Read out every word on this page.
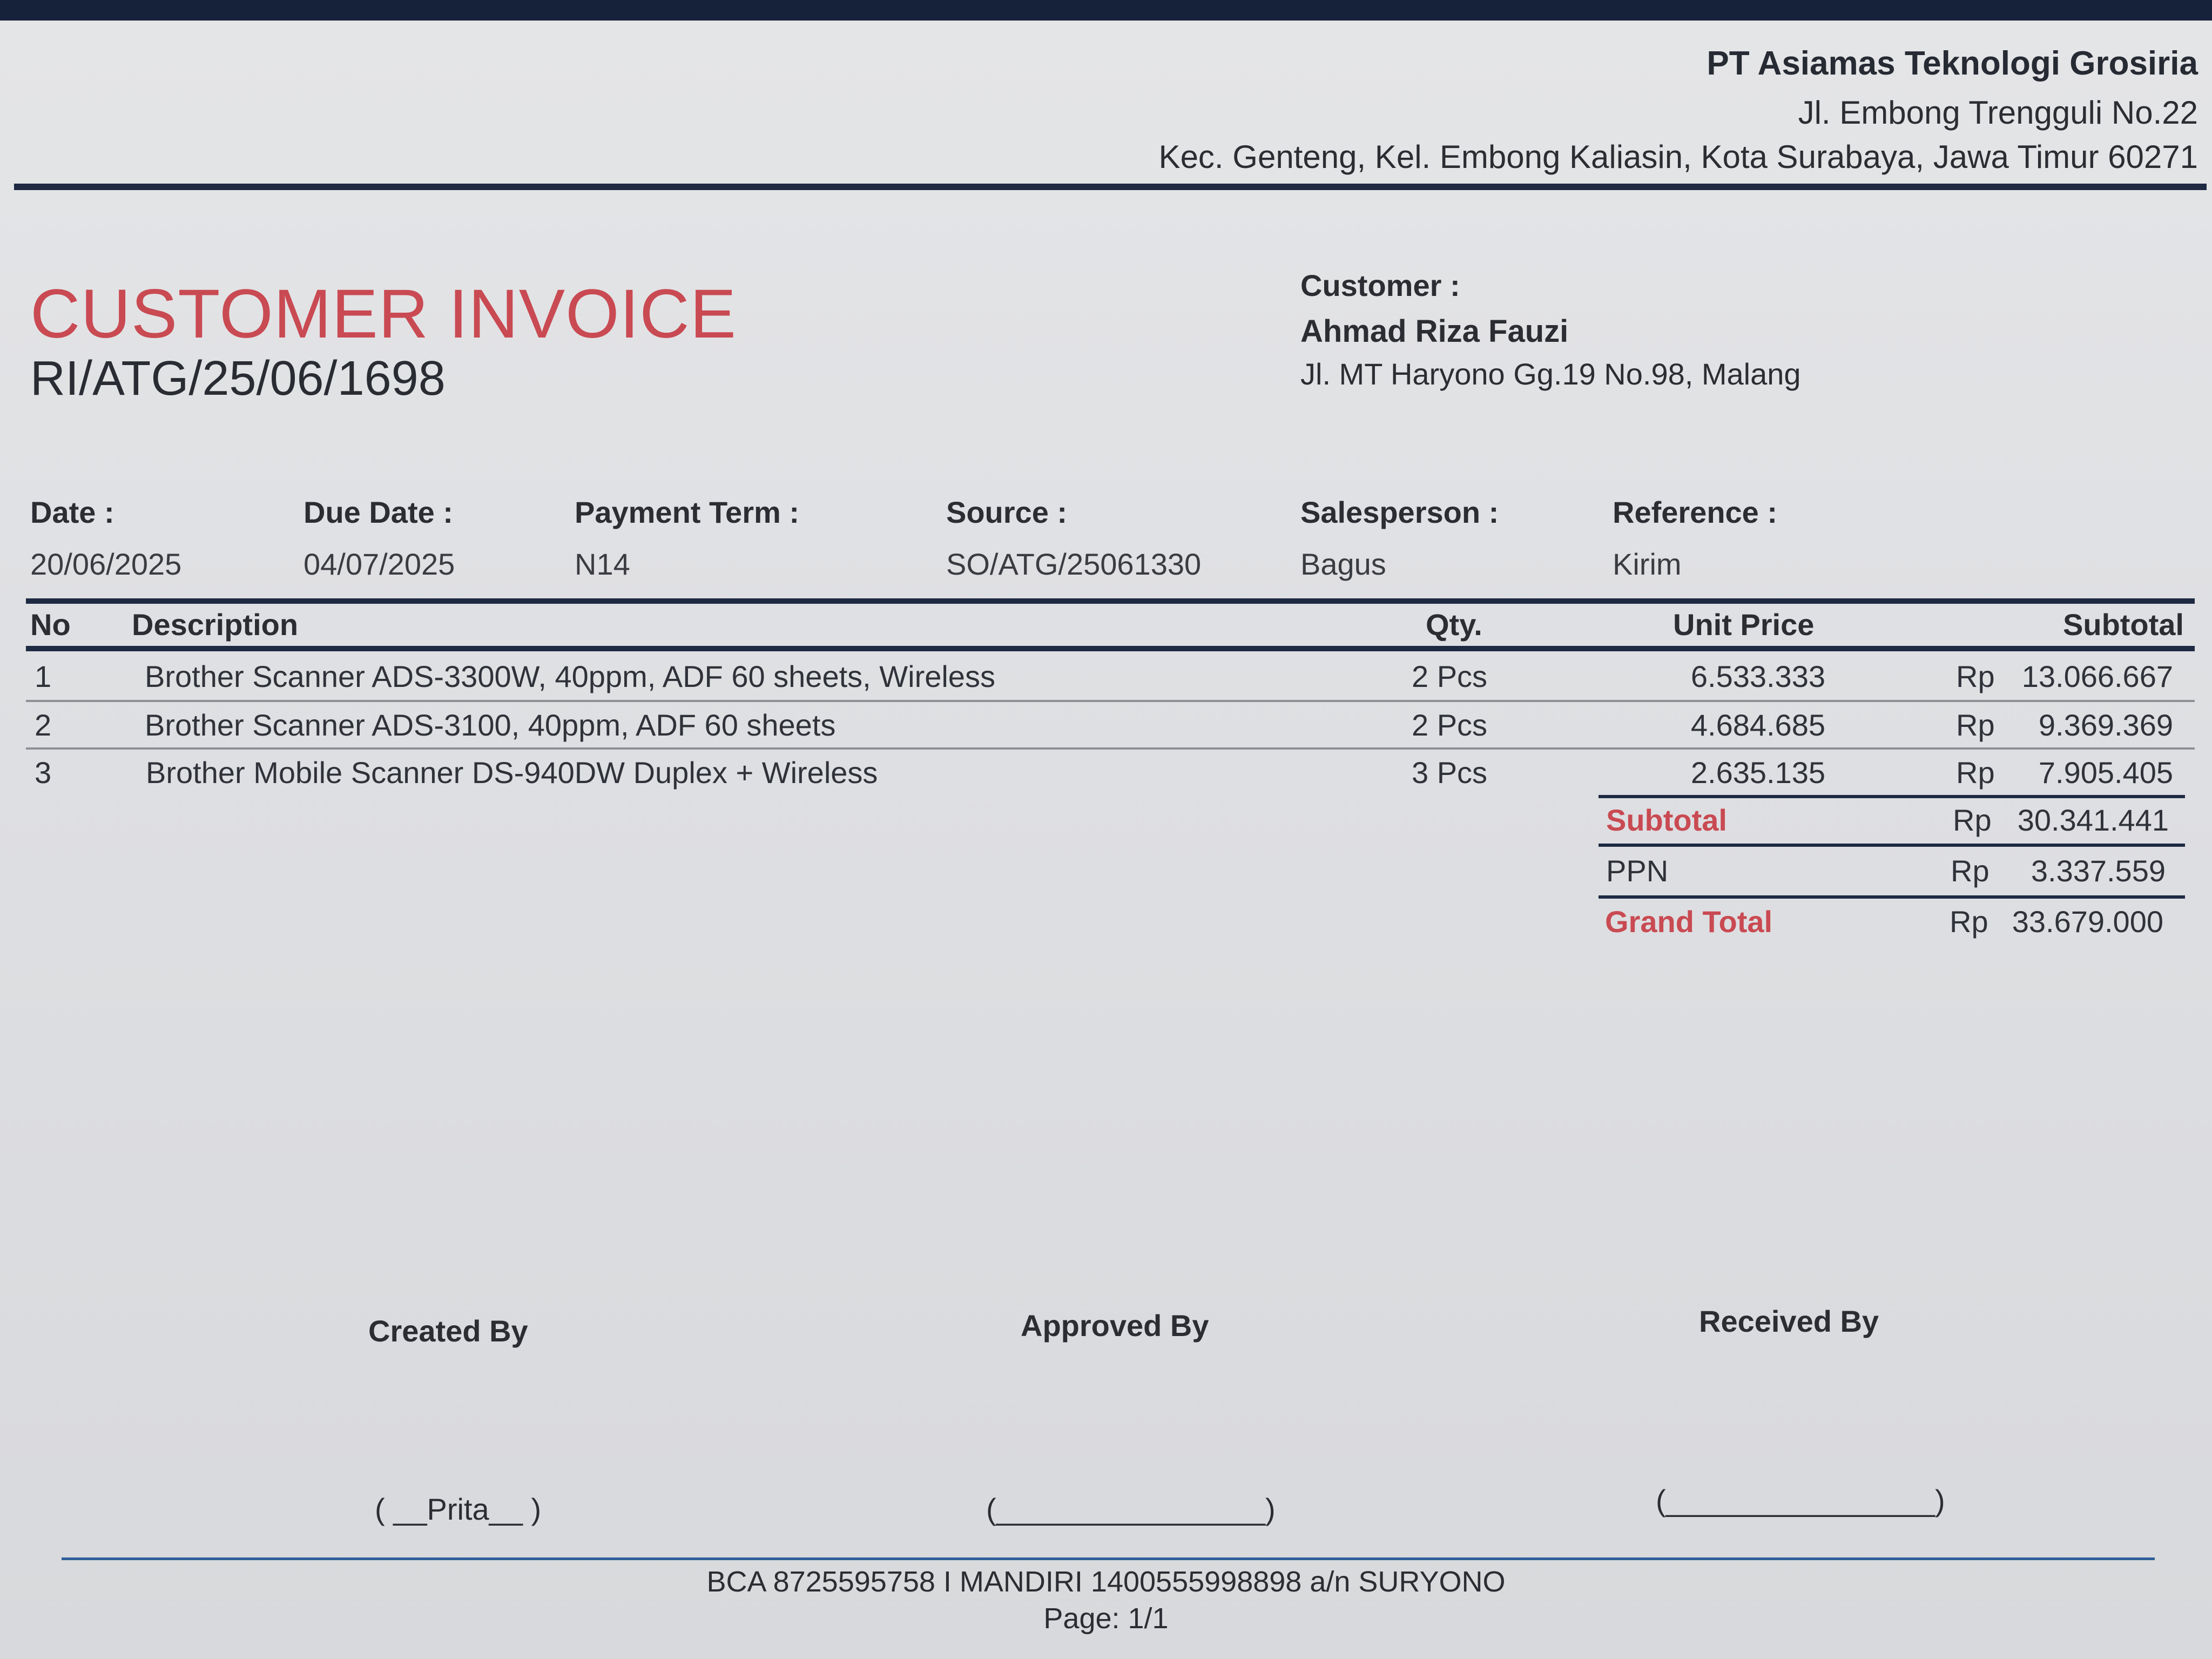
PT Asiamas Teknologi Grosiria
Jl. Embong Trengguli No.22
Kec. Genteng, Kel. Embong Kaliasin, Kota Surabaya, Jawa Timur 60271
CUSTOMER INVOICE
RI/ATG/25/06/1698
Customer :
Ahmad Riza Fauzi
Jl. MT Haryono Gg.19 No.98, Malang
Date :
20/06/2025
Due Date :
04/07/2025
Payment Term :
N14
Source :
SO/ATG/25061330
Salesperson :
Bagus
Reference :
Kirim
No Description	Qty.	Unit Price	Subtotal
1	Brother Scanner ADS-3300W, 40ppm, ADF 60 sheets, Wireless	2 Pcs	6.533.333	Rp 13.066.667
2	Brother Scanner ADS-3100, 40ppm, ADF 60 sheets	2 Pcs	4.684.685	Rp	9.369.369
3	Brother Mobile Scanner DS-940DW Duplex + Wireless	3 Pcs	2.635.135	Rp	7.905.405
Subtotal	Rp 30.341.441
PPN	Rp	3.337.559
Grand Total	Rp 33.679.000
Created By
( __Prita__ )
Approved By
(________________)
Received By
(________________)
BCA 8725595758 I MANDIRI 1400555998898 a/n SURYONO
Page: 1/1
